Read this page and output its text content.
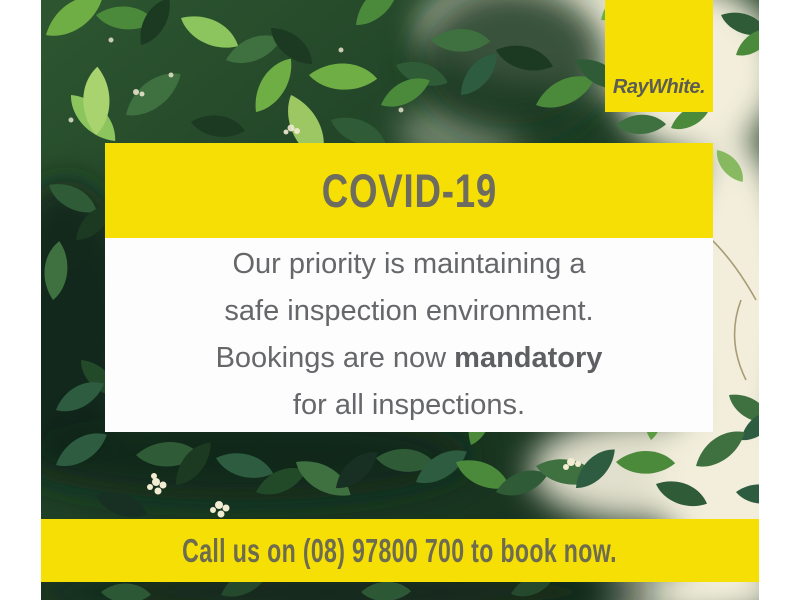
RayWhite.
COVID-19

Our priority is maintaining a
safe inspection environment.
Bookings are now mandatory
for all inspections.

Call us on (08) 97800 700 to book now.
